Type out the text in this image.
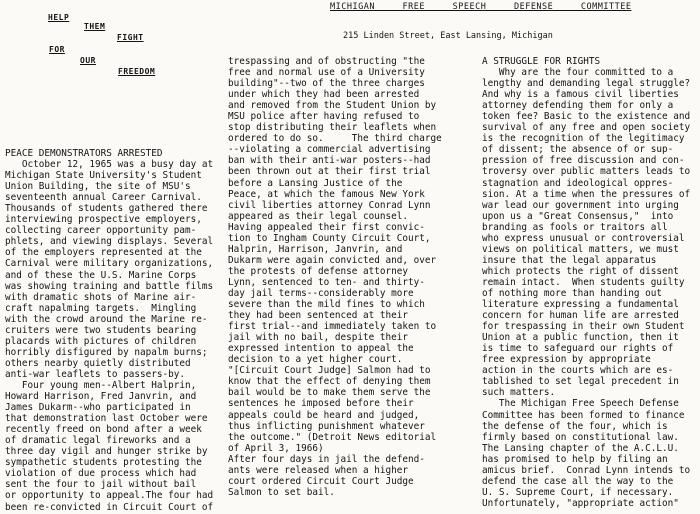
HELP
THEM
FIGHT
FOR
OUR
FREEDOM
MICHIGAN FREE SPEECH DEFENSE COMMITTEE
215 Linden Street, East Lansing, Michigan

PEACE DEMONSTRATORS ARRESTED

October 12, 1965 was a busy day at

Michigan State University's Student

Union Building, the site of MSU's

seventeenth annual Career Carnival.

Thousands of students gathered there

interviewing prospective employers,

collecting career opportunity pam-

phlets, and viewing displays. Several

of the employers represented at the

Carnival were military organizations,

and of these the U.S. Marine Corps

was showing training and battle films

with dramatic shots of Marine air-

craft napalming targets.  Mingling

with the crowd around the Marine re-

cruiters were two students bearing

placards with pictures of children

horribly disfigured by napalm burns;

others nearby quietly distributed

anti-war leaflets to passers-by.

Four young men--Albert Halprin,

Howard Harrison, Fred Janvrin, and

James Dukarm--who participated in

that demonstration last October were

recently freed on bond after a week

of dramatic legal fireworks and a

three day vigil and hunger strike by

sympathetic students protesting the

violation of due process which had

sent the four to jail without bail

or opportunity to appeal.The four had

been re-convicted in Circuit Court of

trespassing and of obstructing "the

free and normal use of a University

building"--two of the three charges

under which they had been arrested

and removed from the Student Union by

MSU police after having refused to

stop distributing their leaflets when

ordered to do so.     The third charge

--violating a commercial advertising

ban with their anti-war posters--had

been thrown out at their first trial

before a Lansing Justice of the

Peace, at which the famous New York

civil liberties attorney Conrad Lynn

appeared as their legal counsel.

Having appealed their first convic-

tion to Ingham County Circuit Court,

Halprin, Harrison, Janvrin, and

Dukarm were again convicted and, over

the protests of defense attorney

Lynn, sentenced to ten- and thirty-

day jail terms--considerably more

severe than the mild fines to which

they had been sentenced at their

first trial--and immediately taken to

jail with no bail, despite their

expressed intention to appeal the

decision to a yet higher court.

"[Circuit Court Judge] Salmon had to

know that the effect of denying them

bail would be to make them serve the

sentences he imposed before their

appeals could be heard and judged,

thus inflicting punishment whatever

the outcome." (Detroit News editorial

of April 3, 1966)

After four days in jail the defend-

ants were released when a higher

court ordered Circuit Court Judge

Salmon to set bail.

A STRUGGLE FOR RIGHTS

Why are the four committed to a

lengthy and demanding legal struggle?

And why is a famous civil liberties

attorney defending them for only a

token fee? Basic to the existence and

survival of any free and open society

is the recognition of the legitimacy

of dissent; the absence of or sup-

pression of free discussion and con-

troversy over public matters leads to

stagnation and ideological oppres-

sion. At a time when the pressures of

war lead our government into urging

upon us a "Great Consensus,"  into

branding as fools or traitors all

who express unusual or controversial

views on political matters, we must

insure that the legal apparatus

which protects the right of dissent

remain intact.  When students guilty

of nothing more than handing out

literature expressing a fundamental

concern for human life are arrested

for trespassing in their own Student

Union at a public function, then it

is time to safeguard our rights of

free expression by appropriate

action in the courts which are es-

tablished to set legal precedent in

such matters.

The Michigan Free Speech Defense

Committee has been formed to finance

the defense of the four, which is

firmly based on constitutional law.

The Lansing chapter of the A.C.L.U.

has promised to help by filing an

amicus brief.  Conrad Lynn intends to

defend the case all the way to the

U. S. Supreme Court, if necessary.

Unfortunately, "appropriate action"
